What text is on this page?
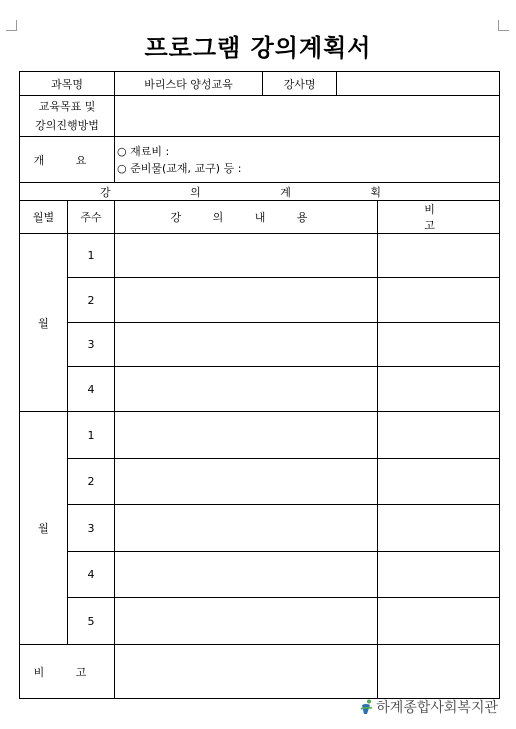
프로그램 강의계획서
과목명		바리스타 양성교육	강사명		
교육목표 및
강의진행방법					
개 요		○ 재료비 :
○ 준비물(교재, 교구) 등 :			

강 의 계 획					
월별	주수	강 의 내 용			비 고
월	1				
	2				
	3				
	4				
월	1				
	2				
	3				
	4				
	5				
비 고					
하계종합사회복지관
